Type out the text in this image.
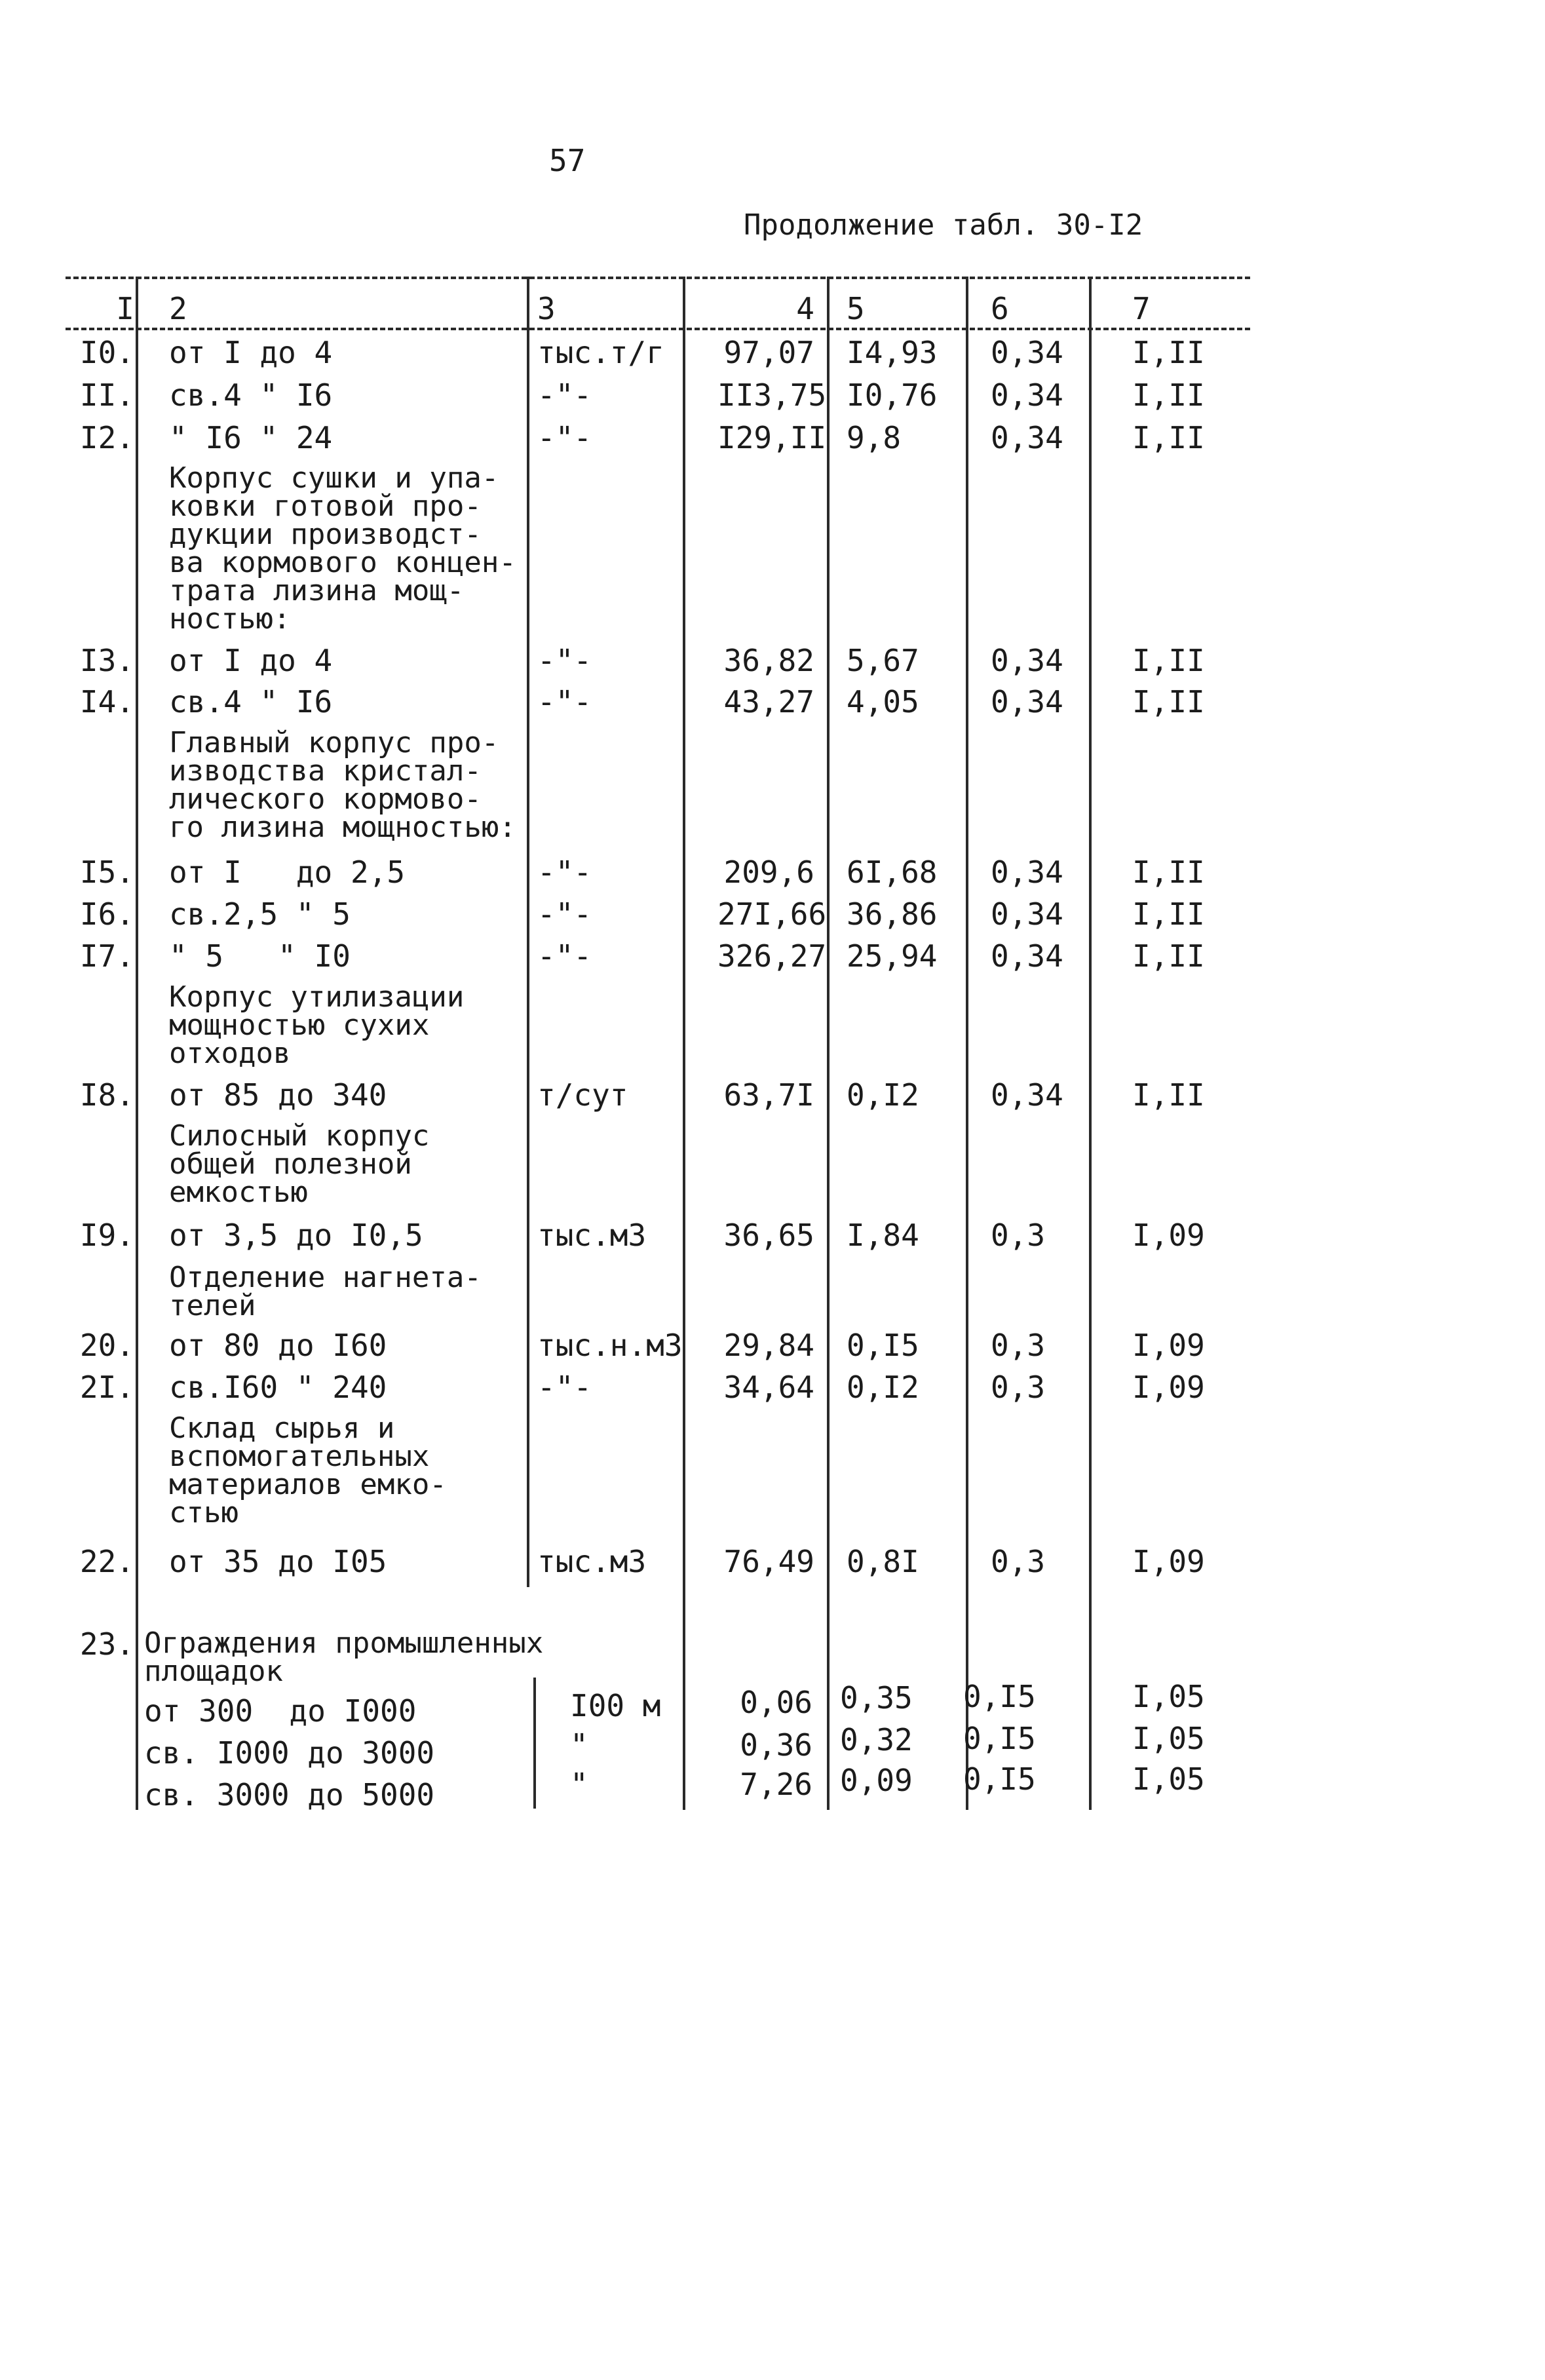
57
Продолжение табл. 30-I2
I 2	3	4 5	6	7
I0. от I до 4	тыс.т/г 97,07 I4,93 0,34 I,II
II. св.4 " I6	-"-	II3,75 I0,76 0,34 I,II
I2. " I6 " 24	-"-	I29,II 9,8	0,34 I,II
Корпус сушки и упа-
ковки готовой про-
дукции производст-
ва кормового концен-
трата лизина мощ-
ностью:
I3. от I до 4	-"-	36,82 5,67 0,34 I,II
I4. св.4 " I6	-"-	43,27 4,05 0,34 I,II
Главный корпус про-
изводства кристал-
лического кормово-
го лизина мощностью:
I5. от I   до 2,5	-"-	209,6 6I,68 0,34 I,II
I6. св.2,5 " 5	-"-	27I,66 36,86 0,34 I,II
I7. " 5   " I0	-"-	326,27 25,94 0,34 I,II
Корпус утилизации
мощностью сухих
отходов
I8. от 85 до 340	т/сут	63,7I 0,I2 0,34 I,II
Силосный корпус
общей полезной
емкостью
I9. от 3,5 до I0,5	тыс.м3	36,65 I,84 0,3	I,09
Отделение нагнета-
телей
20. от 80 до I60	тыс.н.м3 29,84 0,I5 0,3	I,09
2I. св.I60 " 240	-"-	34,64 0,I2 0,3	I,09
Склад сырья и
вспомогательных
материалов емко-
стью
22. от 35 до I05	тыс.м3	76,49 0,8I 0,3	I,09
23. Ограждения промышленных
площадок
от 300  до I000	I00 м	0,06 0,35 0,I5	I,05
св. I000 до 3000	"	0,36 0,32 0,I5	I,05
св. 3000 до 5000	"	7,26 0,09 0,I5	I,05
